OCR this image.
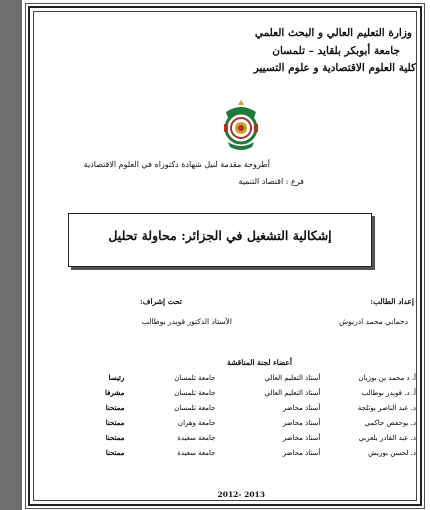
وزارة التعليم العالي و البحث العلمي
جامعة أبوبكر بلقايد – تلمسان
كلية العلوم الاقتصادية و علوم التسيير
أطروحة مقدمة لنيل شهادة دكتوراه في العلوم الاقتصادية
فرع : اقتصاد التنمية
إشكالية التشغيل في الجزائر: محاولة تحليل
إعداد الطالب:
دحماني محمد ادريوش
تحت إشراف:
الأستاذ الدكتور قويدر بوطالب
أعضاء لجنة المناقشة
أ. د محمد بن بوزيان	أستاذ التعليم العالي	جامعة تلمسان	رئيسا
أ. د. قويدر بوطالب	أستاذ التعليم العالي	جامعة تلمسان	مشرفا
د. عبد الناصر بوثلجة	أستاذ محاضر	جامعة تلمسان	ممتحنا
د. بوحفص حاكمي	أستاذ محاضر	جامعة وهران	ممتحنا
د. عبد القادر بلعربي	أستاذ محاضر	جامعة سعيدة	ممتحنا
د. لحسن بوريش	أستاذ محاضر	جامعة سعيدة	ممتحنا
2012- 2013
